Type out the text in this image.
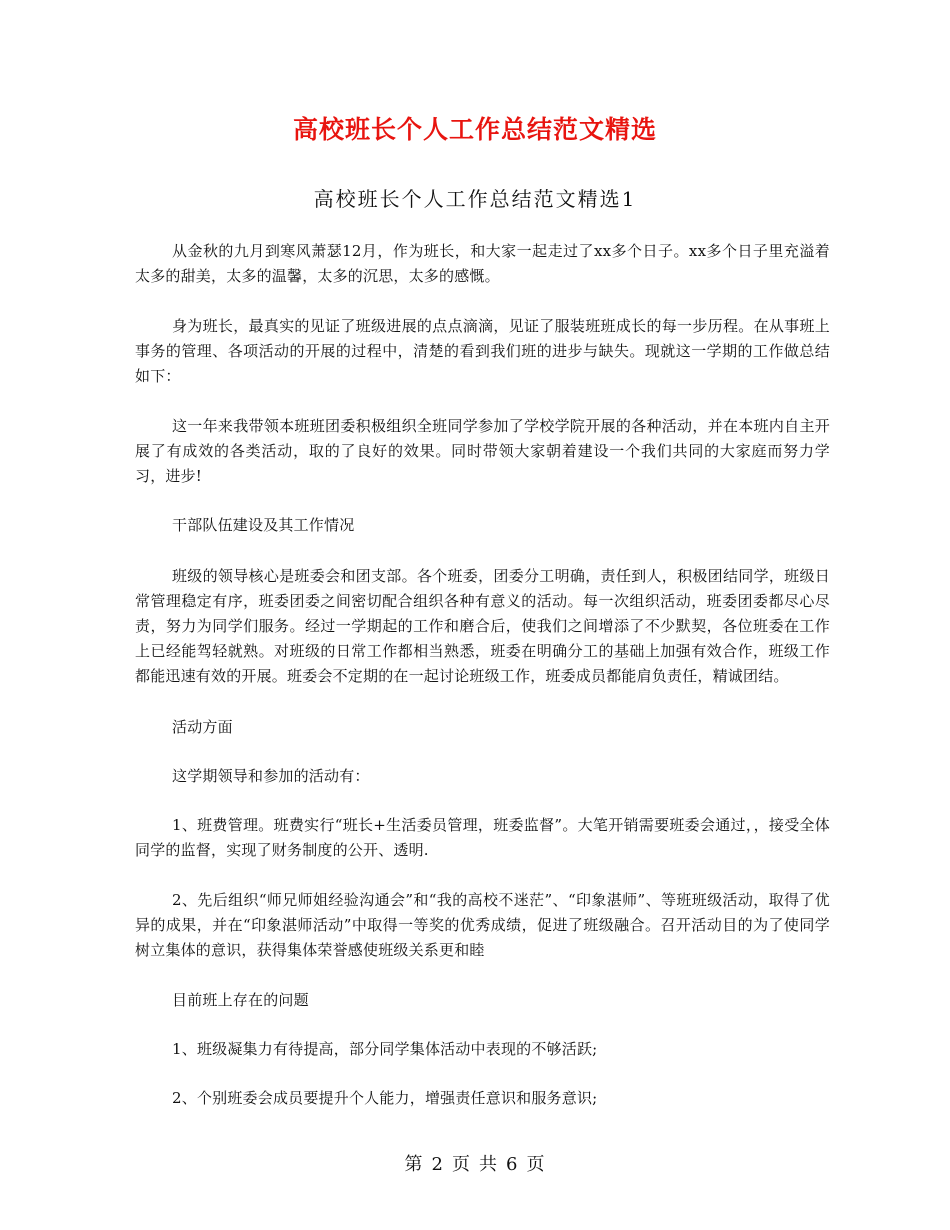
高校班长个人工作总结范文精选
高校班长个人工作总结范文精选1

从金秋的九月到寒风萧瑟12月，作为班长，和大家一起走过了xx多个日子。xx多个日子里充溢着太多的甜美，太多的温馨，太多的沉思，太多的感慨。

身为班长，最真实的见证了班级进展的点点滴滴，见证了服装班班成长的每一步历程。在从事班上事务的管理、各项活动的开展的过程中，清楚的看到我们班的进步与缺失。现就这一学期的工作做总结如下：

这一年来我带领本班班团委积极组织全班同学参加了学校学院开展的各种活动，并在本班内自主开展了有成效的各类活动，取的了良好的效果。同时带领大家朝着建设一个我们共同的大家庭而努力学习，进步!

干部队伍建设及其工作情况

班级的领导核心是班委会和团支部。各个班委，团委分工明确，责任到人，积极团结同学，班级日常管理稳定有序，班委团委之间密切配合组织各种有意义的活动。每一次组织活动，班委团委都尽心尽责，努力为同学们服务。经过一学期起的工作和磨合后，使我们之间增添了不少默契，各位班委在工作上已经能驾轻就熟。对班级的日常工作都相当熟悉，班委在明确分工的基础上加强有效合作，班级工作都能迅速有效的开展。班委会不定期的在一起讨论班级工作，班委成员都能肩负责任，精诚团结。

活动方面

这学期领导和参加的活动有：

1、班费管理。班费实行“班长+生活委员管理，班委监督”。大笔开销需要班委会通过，，接受全体同学的监督，实现了财务制度的公开、透明.

2、先后组织“师兄师姐经验沟通会”和“我的高校不迷茫”、“印象湛师”、等班班级活动，取得了优异的成果，并在“印象湛师活动”中取得一等奖的优秀成绩，促进了班级融合。召开活动目的为了使同学树立集体的意识，获得集体荣誉感使班级关系更和睦

目前班上存在的问题

1、班级凝集力有待提高，部分同学集体活动中表现的不够活跃;

2、个别班委会成员要提升个人能力，增强责任意识和服务意识;

第 2 页 共 6 页
